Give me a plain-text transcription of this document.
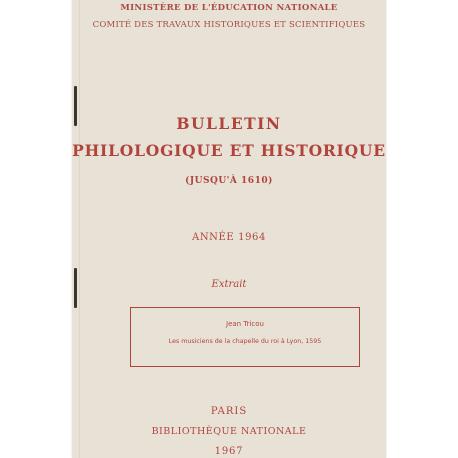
MINISTÈRE DE L'ÉDUCATION NATIONALE
COMITÉ DES TRAVAUX HISTORIQUES ET SCIENTIFIQUES
BULLETIN
PHILOLOGIQUE ET HISTORIQUE
(JUSQU'À 1610)
ANNÉE 1964
Extrait
Jean Tricou
Les musiciens de la chapelle du roi à Lyon, 1595
PARIS
BIBLIOTHÈQUE NATIONALE
1967
